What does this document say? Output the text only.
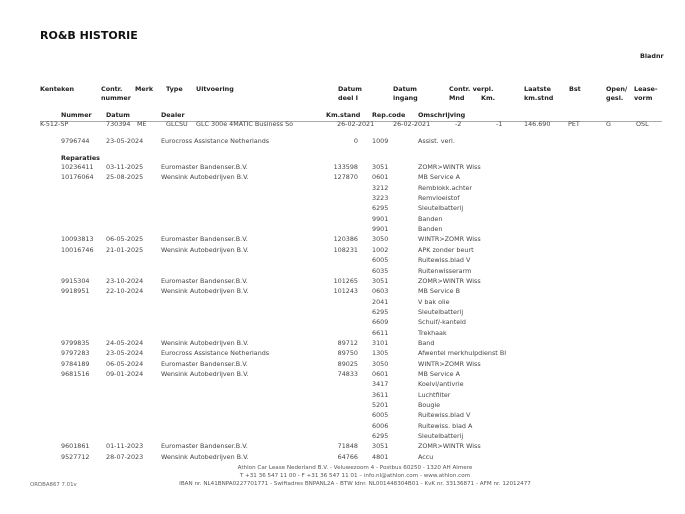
RO&B HISTORIE
Bladnr
Kenteken	Contr.
nummer
Merk Type Uitvoering	Datum
deel I
Datum
ingang
Contr. verpl.
Mnd	Km.
Laatste
km.stnd
Bst	Open/
gesl.
Lease-
vorm
Nummer Datum	Dealer	Km.stand Rep.code Omschrijving
K-512-SP	730394 ME	GLCSU GLC 300e 4MATIC Business So	26-02-2021	26-02-2021	-2	-1	146.690	PET	G	OSL
9796744	23-05-2024	Eurocross Assistance Netherlands	0 1009	Assist. verl.
Reparaties
10236411 03-11-2025	Euromaster Bandenser.B.V.	133598 3051	ZOMR>WINTR Wiss
10176064 25-08-2025	Wensink Autobedrijven B.V.	127870 0601	MB Service A
3212	Remblokk.achter
3223	Remvloeistof
6295	Sleutelbatterij
9901	Banden
9901	Banden
10093813 06-05-2025	Euromaster Bandenser.B.V.	120386 3050	WINTR>ZOMR Wiss
10016746 21-01-2025	Wensink Autobedrijven B.V.	108231 1002	APK zonder beurt
6005	Ruitewiss.blad V
6035	Ruitenwisserarm
9915304	23-10-2024	Euromaster Bandenser.B.V.	101265 3051	ZOMR>WINTR Wiss
9918951	22-10-2024	Wensink Autobedrijven B.V.	101243 0603	MB Service B
2041	V bak olie
6295	Sleutelbatterij
6609	Schuif/-kanteld
6611	Trekhaak
9799835	24-05-2024	Wensink Autobedrijven B.V.	89712 3101	Band
9797283	23-05-2024	Eurocross Assistance Netherlands	89750 1305	Afwentel merkhulpdienst BI
9784189	06-05-2024	Euromaster Bandenser.B.V.	89025 3050	WINTR>ZOMR Wiss
9681516	09-01-2024	Wensink Autobedrijven B.V.	74833 0601	MB Service A
3417	Koelvl/antivrie
3611	Luchtfilter
5201	Bougie
6005	Ruitewiss.blad V
6006	Ruitewiss. blad A
6295	Sleutelbatterij
9601861	01-11-2023	Euromaster Bandenser.B.V.	71848 3051	ZOMR>WINTR Wiss
9527712	28-07-2023	Wensink Autobedrijven B.V.	64766 4801	Accu
Athlon Car Lease Nederland B.V. - Veluwezoom 4 - Postbus 60250 - 1320 AH Almere
T +31 36 547 11 00 - F +31 36 547 11 01 – info.nl@athlon.com - www.athlon.com
IBAN nr. NL41BNPA0227701771 - Swiftadres BNPANL2A - BTW Idnr. NL001448304B01 - KvK nr. 33136871 - AFM nr. 12012477
ORDBA867 7.01v
